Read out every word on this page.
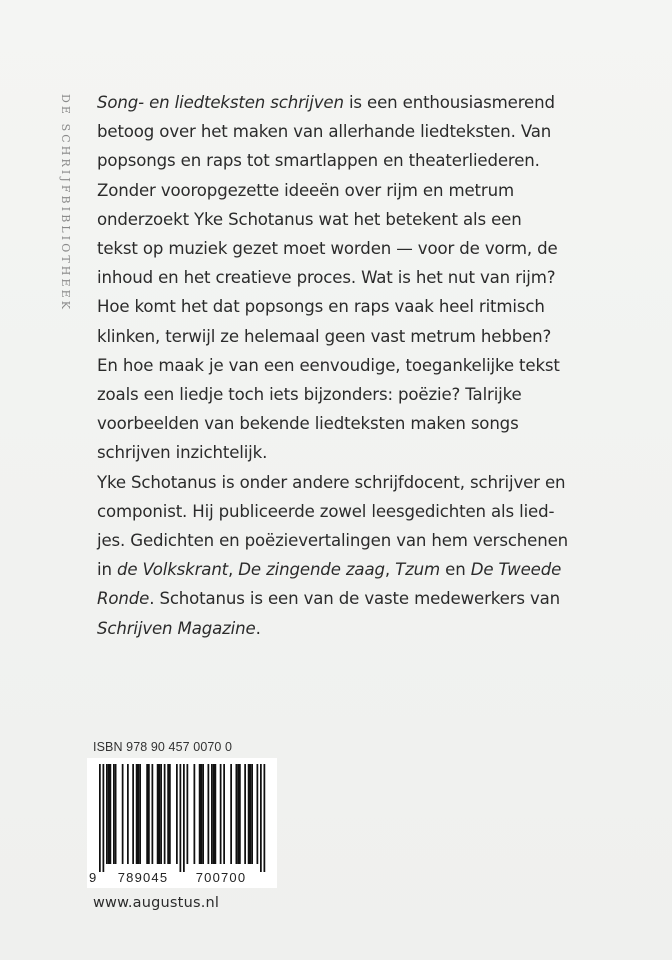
DE SCHRIJFBIBLIOTHEEK Song- en liedteksten schrijven is een enthousiasmerend
betoog over het maken van allerhande liedteksten. Van
popsongs en raps tot smartlappen en theaterliederen.
Zonder vooropgezette ideeën over rijm en metrum
onderzoekt Yke Schotanus wat het betekent als een
tekst op muziek gezet moet worden — voor de vorm, de
inhoud en het creatieve proces. Wat is het nut van rijm?
Hoe komt het dat popsongs en raps vaak heel ritmisch
klinken, terwijl ze helemaal geen vast metrum hebben?
En hoe maak je van een eenvoudige, toegankelijke tekst
zoals een liedje toch iets bijzonders: poëzie? Talrijke
voorbeelden van bekende liedteksten maken songs
schrijven inzichtelijk.

Yke Schotanus is onder andere schrijfdocent, schrijver en
componist. Hij publiceerde zowel leesgedichten als lied-
jes. Gedichten en poëzievertalingen van hem verschenen
in de Volkskrant, De zingende zaag, Tzum en De Tweede
Ronde. Schotanus is een van de vaste medewerkers van
Schrijven Magazine.

ISBN 978 90 457 0070 0
9 789045 700700
www.augustus.nl
